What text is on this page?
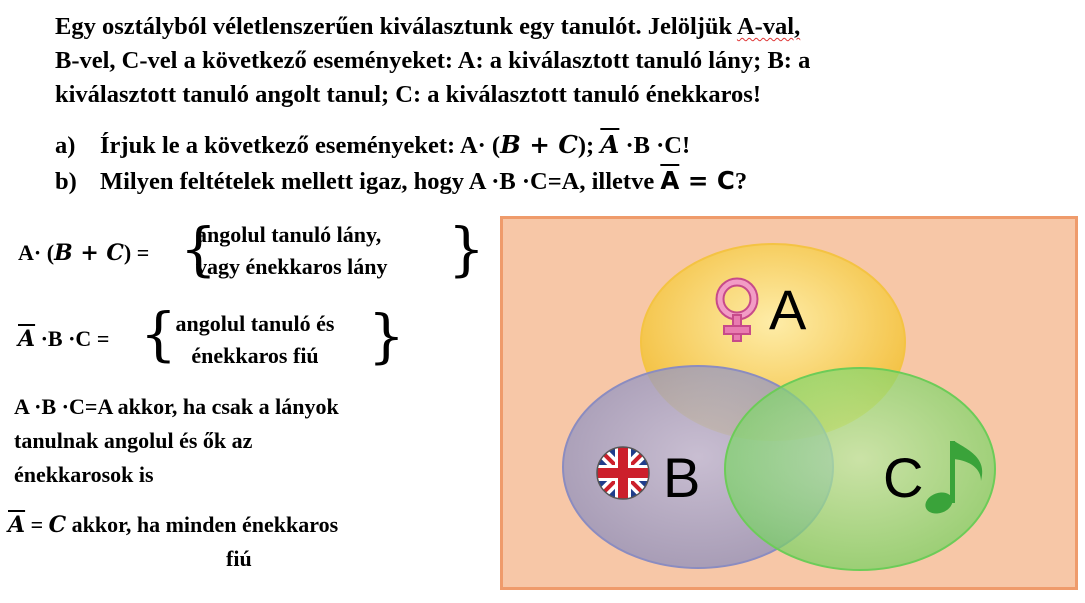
Egy osztályból véletlenszerűen kiválasztunk egy tanulót. Jelöljük A-val,

B-vel, C-vel a következő eseményeket: A: a kiválasztott tanuló lány; B: a

kiválasztott tanuló angolt tanul; C: a kiválasztott tanuló énekkaros!

a) Írjuk le a következő eseményeket: A· (B + C); $\overline{A} \cdot B \cdot C$!
b) Milyen feltételek mellett igaz, hogy A ·B ·C=A, illetve $\overline{A} = C$?
A· (B + C) = {
angolul tanuló lány,
vagy énekkaros lány }
$\overline{A} \cdot B \cdot C$ = {
angolul tanuló és
énekkaros fiú }
A ·B ·C=A akkor, ha csak a lányok
tanulnak angolul és ők az
énekkarosok is
$\overline{A} = C$ akkor, ha minden énekkaros
fiú
A
B	C
